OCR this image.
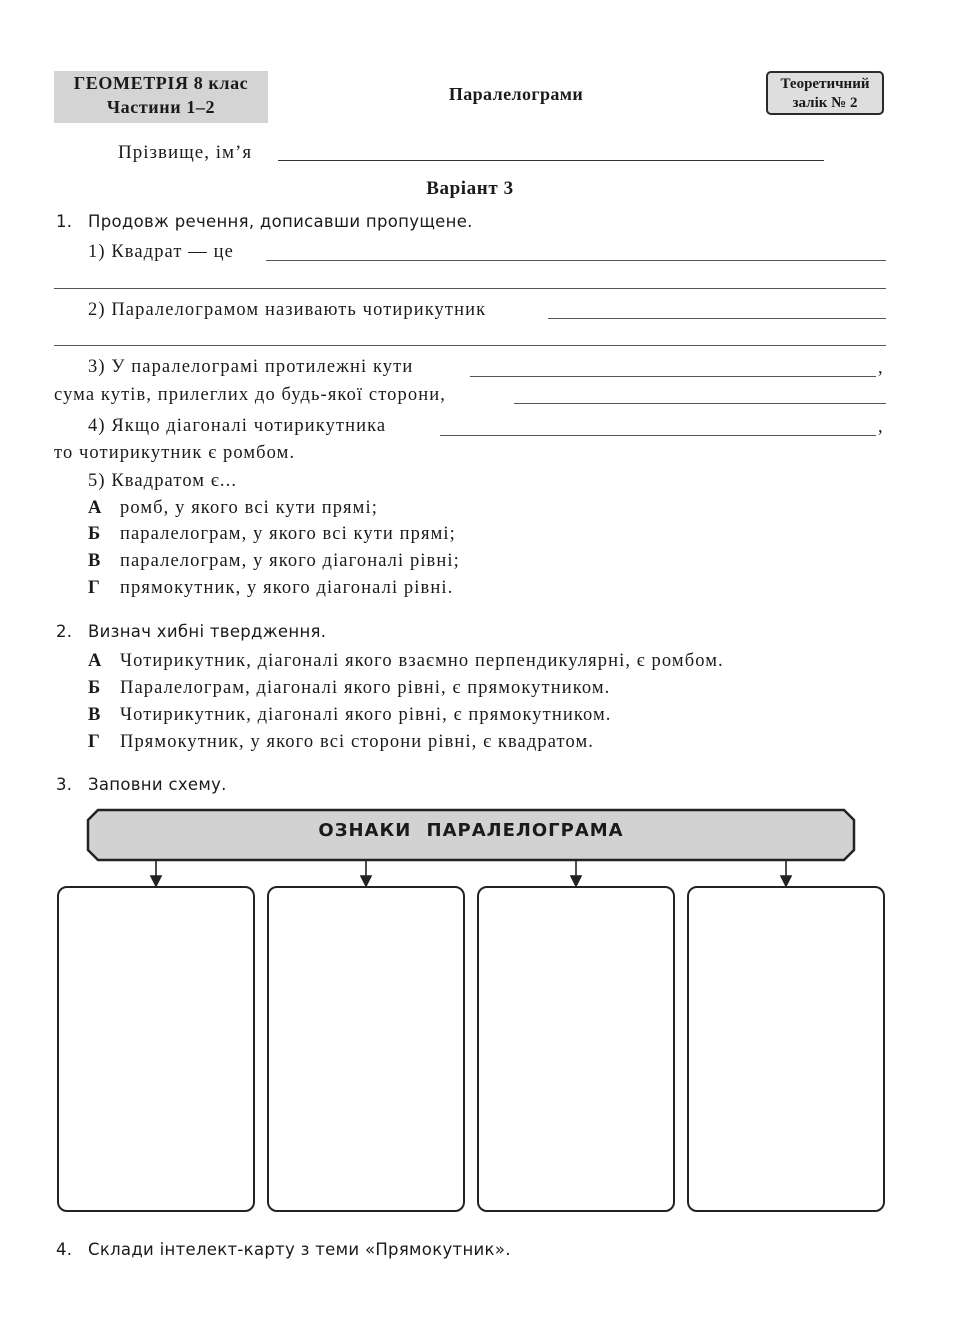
ГЕОМЕТРІЯ 8 клас
Частини 1–2
Паралелограми	Теоретичний
залік № 2
Прізвище, ім’я
Варіант 3
1. Продовж речення, дописавши пропущене.
1) Квадрат — це
2) Паралелограмом називають чотирикутник
3) У паралелограмі протилежні кути	,
сума кутів, прилеглих до будь-якої сторони,
4) Якщо діагоналі чотирикутника	,
то чотирикутник є ромбом.
5) Квадратом є...
А ромб, у якого всі кути прямі;
Б паралелограм, у якого всі кути прямі;
В паралелограм, у якого діагоналі рівні;
Г прямокутник, у якого діагоналі рівні.
2. Визнач хибні твердження.
А Чотирикутник, діагоналі якого взаємно перпендикулярні, є ромбом.
Б Паралелограм, діагоналі якого рівні, є прямокутником.
В Чотирикутник, діагоналі якого рівні, є прямокутником.
Г Прямокутник, у якого всі сторони рівні, є квадратом.
3. Заповни схему.
ОЗНАКИ ПАРАЛЕЛОГРАМА
4. Склади інтелект-карту з теми «Прямокутник».
